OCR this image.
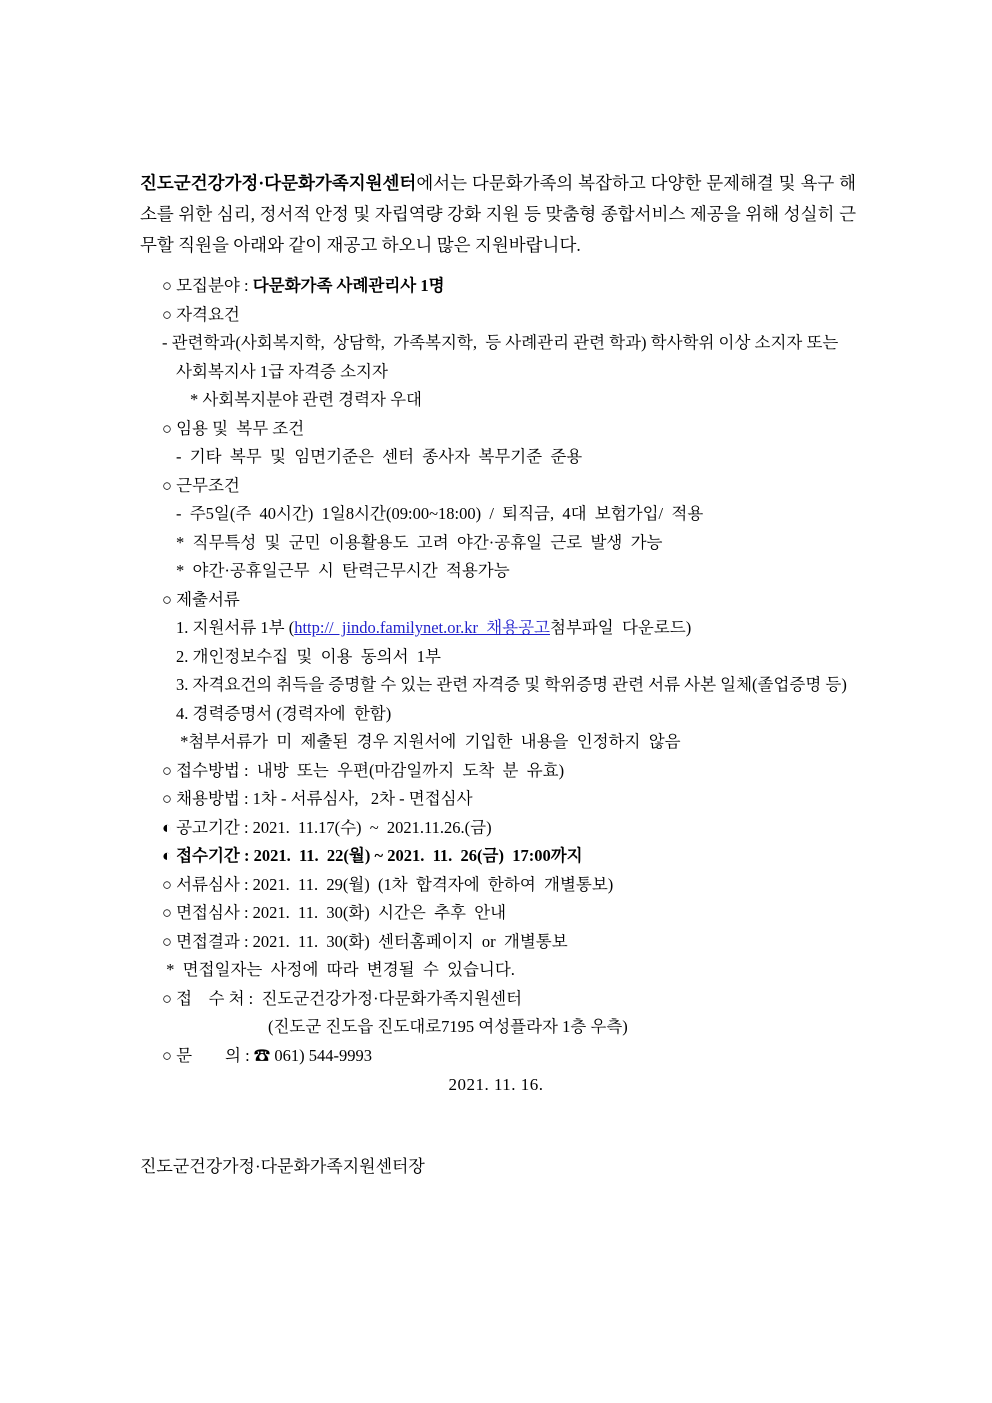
진도군건강가정·다문화가족지원센터에서는 다문화가족의 복잡하고 다양한 문제해결 및 욕구 해소를 위한 심리, 정서적 안정 및 자립역량 강화 지원 등 맞춤형 종합서비스 제공을 위해 성실히 근무할 직원을 아래와 같이 재공고 하오니 많은 지원바랍니다.

○ 모집분야 : 다문화가족 사례관리사 1명

○ 자격요건

- 관련학과(사회복지학,  상담학,  가족복지학,  등 사례관리 관련 학과) 학사학위 이상 소지자 또는

사회복지사 1급 자격증 소지자

* 사회복지분야 관련 경력자 우대

○ 임용 및  복무 조건

-  기타  복무  및  임면기준은  센터  종사자  복무기준  준용

○ 근무조건

-  주5일(주  40시간)  1일8시간(09:00~18:00)  /  퇴직금,  4대  보험가입/  적용

*  직무특성  및  군민  이용활용도  고려  야간·공휴일  근로  발생  가능

*  야간·공휴일근무  시  탄력근무시간  적용가능

○ 제출서류

1. 지원서류 1부 (http://  jindo.familynet.or.kr  채용공고첨부파일  다운로드)

2. 개인정보수집  및  이용  동의서  1부

3. 자격요건의 취득을 증명할 수 있는 관련 자격증 및 학위증명 관련 서류 사본 일체(졸업증명 등)

4. 경력증명서 (경력자에  한함)

*첨부서류가  미  제출된  경우 지원서에  기입한  내용을  인정하지  않음

○ 접수방법 :  내방  또는  우편(마감일까지  도착  분  유효)

○ 채용방법 : 1차 - 서류심사,   2차 - 면접심사

◐ 공고기간 : 2021.  11.17(수)  ~  2021.11.26.(금)

◐ 접수기간 : 2021.  11.  22(월) ~ 2021.  11.  26(금)  17:00까지

○ 서류심사 : 2021.  11.  29(월)  (1차  합격자에  한하여  개별통보)

○ 면접심사 : 2021.  11.  30(화)  시간은  추후  안내

○ 면접결과 : 2021.  11.  30(화)  센터홈페이지  or  개별통보

*  면접일자는  사정에  따라  변경될  수  있습니다.

○ 접    수 처 :  진도군건강가정·다문화가족지원센터

(진도군 진도읍 진도대로7195 여성플라자 1층 우측)

○ 문        의 : ☎ 061) 544-9993

2021. 11. 16.
진도군건강가정·다문화가족지원센터장
